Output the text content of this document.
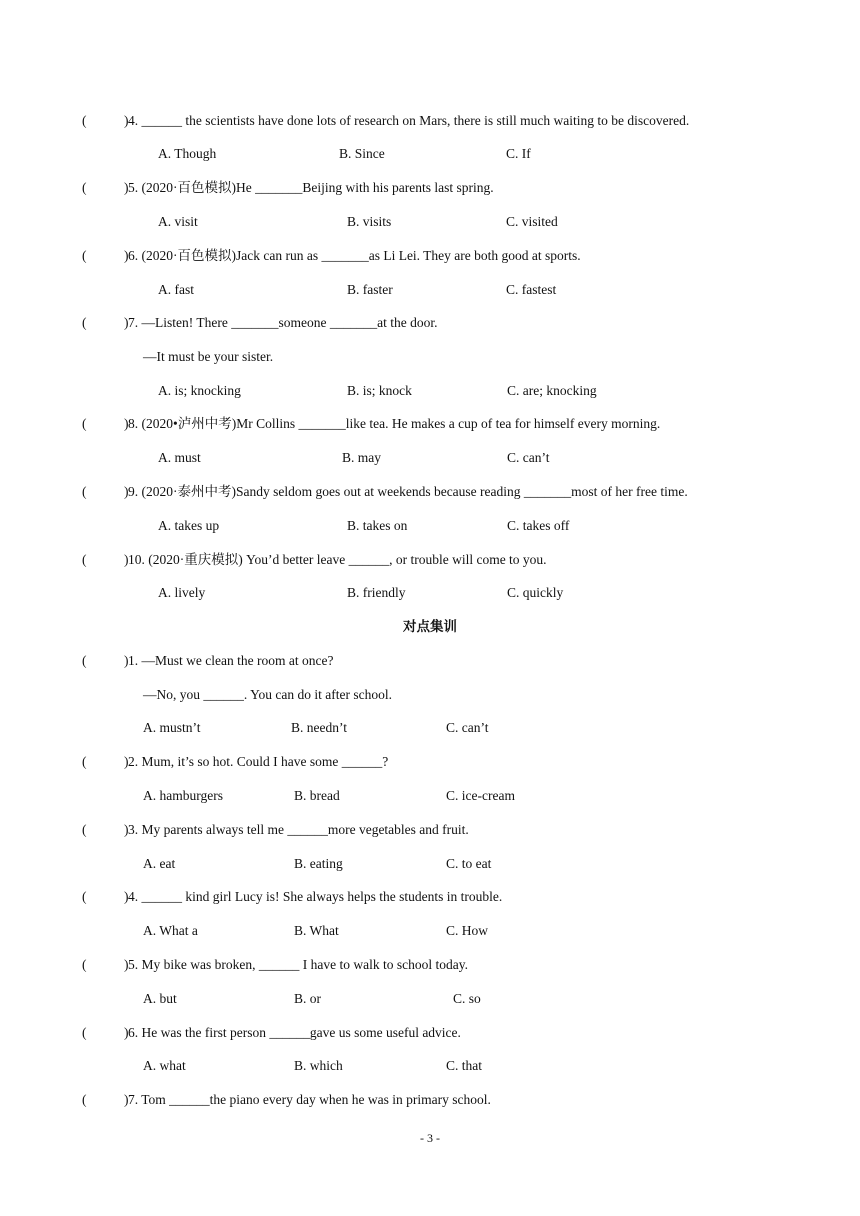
(	) 4. ______ the scientists have done lots of research on Mars, there is still much waiting to be discovered.
A. Though	B. Since	C. If
(	) 5. (2020·百色模拟)He _______Beijing with his parents last spring.
A. visit	B. visits	C. visited
(	) 6. (2020·百色模拟)Jack can run as _______as Li Lei. They are both good at sports.
A. fast	B. faster	C. fastest
(	) 7. —Listen! There _______someone _______at the door.
—It must be your sister.
A. is; knocking	B. is; knock	C. are; knocking
(	) 8. (2020•泸州中考)Mr Collins _______like tea. He makes a cup of tea for himself every morning.
A. must	B. may	C. can’t
(	) 9. (2020·泰州中考)Sandy seldom goes out at weekends because reading _______most of her free time.
A. takes up	B. takes on	C. takes off
(	) 10. (2020·重庆模拟) You’d better leave ______, or trouble will come to you.
A. lively	B. friendly	C. quickly
对点集训
(	) 1. —Must we clean the room at once?
—No, you ______. You can do it after school.
A. mustn’t	B. needn’t	C. can’t
(	) 2. Mum, it’s so hot. Could I have some ______?
A. hamburgers	B. bread	C. ice-cream
(	) 3. My parents always tell me ______more vegetables and fruit.
A. eat	B. eating	C. to eat
(	) 4. ______ kind girl Lucy is! She always helps the students in trouble.
A. What a	B. What	C. How
(	) 5. My bike was broken, ______ I have to walk to school today.
A. but	B. or	C. so
(	) 6. He was the first person ______gave us some useful advice.
A. what	B. which	C. that
(	) 7. Tom ______the piano every day when he was in primary school.
- 3 -
